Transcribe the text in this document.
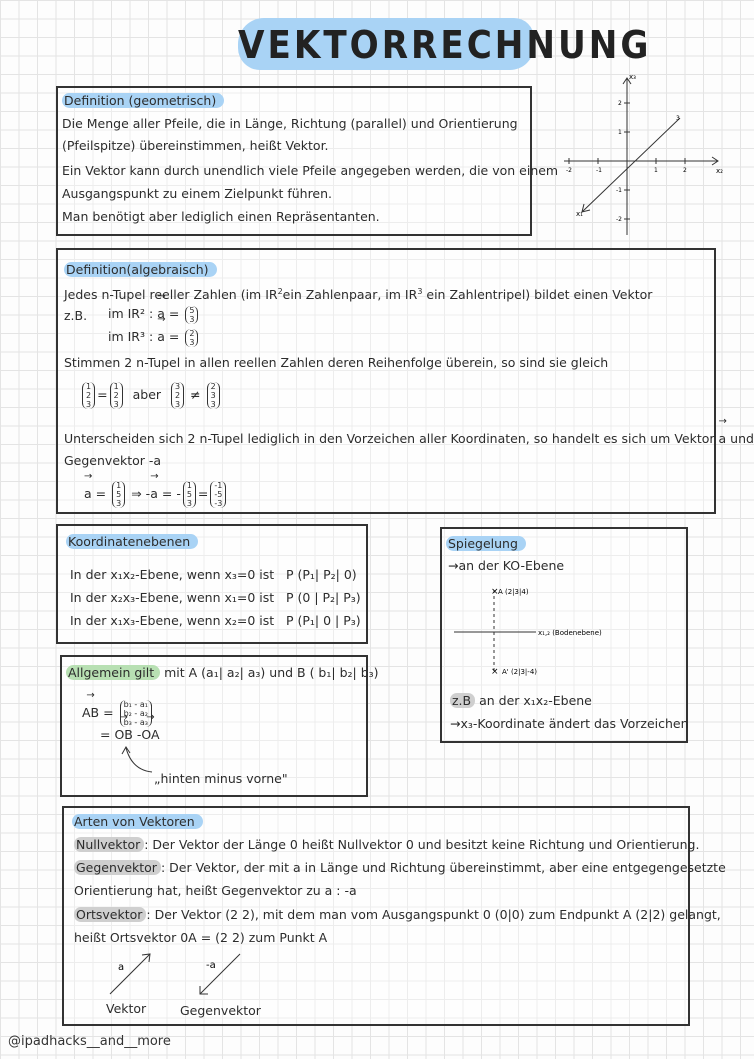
VEKTORRECHNUNG
Definition (geometrisch)
Die Menge aller Pfeile, die in Länge, Richtung (parallel) und Orientierung
(Pfeilspitze) übereinstimmen, heißt Vektor.
Ein Vektor kann durch unendlich viele Pfeile angegeben werden, die von einem
Ausgangspunkt zu einem Zielpunkt führen.
Man benötigt aber lediglich einen Repräsentanten.
x₂
x₃
x₁
1	2
-1
-2
1
2
-1
-2
3
Definition(algebraisch)
Jedes n-Tupel reeller Zahlen (im $IR^2ein$ Zahlenpaar, im $IR^3$ ein Zahlentripel) bildet einen Vektor
z.B. im IR² : → a = 5
3
im IR³ : → a = 2
3
Stimmen 2 n-Tupel in allen reellen Zahlen deren Reihenfolge überein, so sind sie gleich
1
2
3
=
1
2
3
aber
3
2
3
≠
2
3
3
Unterscheiden sich 2 n-Tupel lediglich in den Vorzeichen aller Koordinaten, so handelt es sich um Vektor → a und
Gegenvektor -a
→ a =
1
5
3
⇒ -→ a = -
1
5
3
=
-1
-5
-3
Koordinatenebenen
In der x₁x₂-Ebene, wenn x₃=0 ist P (P₁| P₂| 0)
In der x₂x₃-Ebene, wenn x₁=0 ist P (0 | P₂| P₃)
In der x₁x₃-Ebene, wenn x₂=0 ist P (P₁| 0 | P₃)
Spiegelung
→an der KO-Ebene
×
×
A (2|3|4)
A' (2|3|-4)
x₁,₂ (Bodenebene)
z.B an der x₁x₂-Ebene
→x₃-Koordinate ändert das Vorzeichen
Allgemein gilt mit A (a₁| a₂| a₃) und B ( b₁| b₂| b₃)
→ AB =
b₁ - a₁
b₂ - a₂
b₃ - a₃
= → OB -→ OA
„hinten minus vorne"
Arten von Vektoren
Nullvektor : Der Vektor der Länge 0 heißt Nullvektor 0 und besitzt keine Richtung und Orientierung.
Gegenvektor : Der Vektor, der mit a in Länge und Richtung übereinstimmt, aber eine entgegengesetzte
Orientierung hat, heißt Gegenvektor zu a : -a
Ortsvektor : Der Vektor (2 2), mit dem man vom Ausgangspunkt 0 (0|0) zum Endpunkt A (2|2) gelangt,
heißt Ortsvektor 0A = (2 2) zum Punkt A
a	-a
Vektor	Gegenvektor
@ipadhacks__and__more
